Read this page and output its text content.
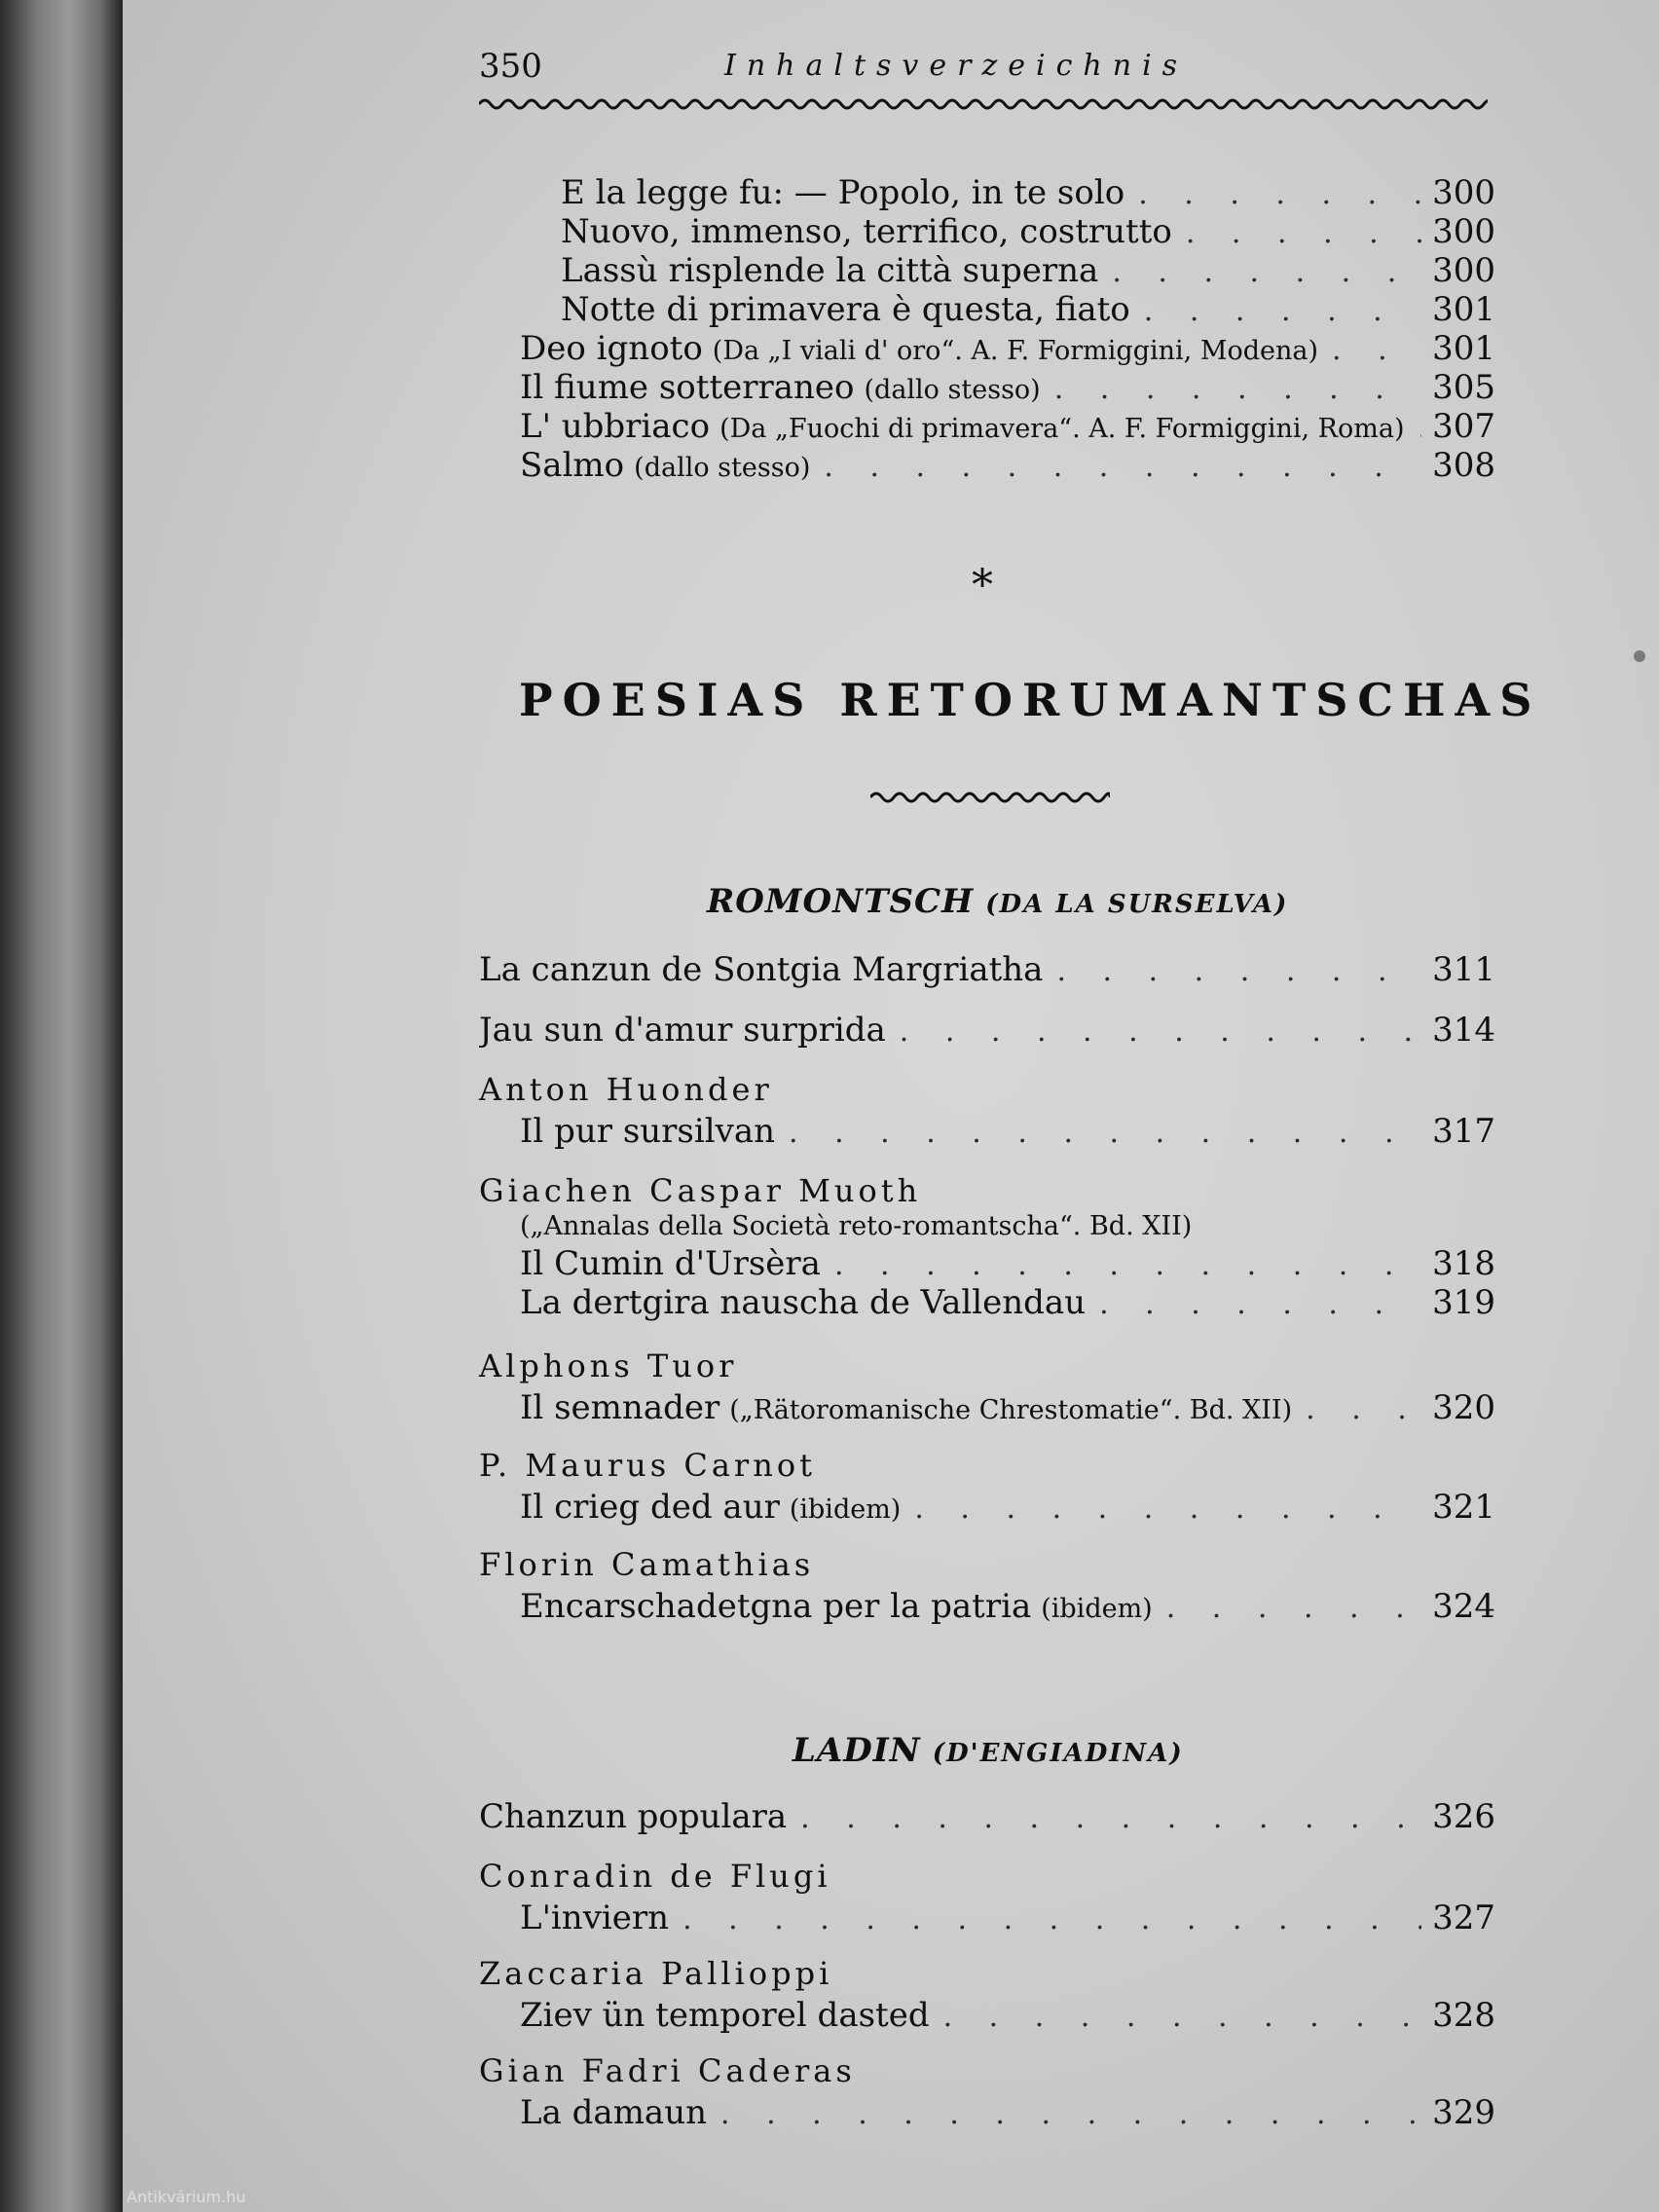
Antikvárium.hu
350	Inhaltsverzeichnis
E la legge fu: — Popolo, in te solo . . .	300
Nuovo, immenso, terrifico, costrutto . . .	300
Lassù risplende la città superna . . .	300
Notte di primavera è questa, fiato . . .	301
Deo ignoto (Da „I viali d' oro“. A. F. Formiggini, Modena) . . .	301
Il fiume sotterraneo (dallo stesso) . . .	305
L' ubbriaco (Da „Fuochi di primavera“. A. F. Formiggini, Roma) . . . 307
Salmo (dallo stesso) . . .	308
*
POESIAS RETORUMANTSCHAS
ROMONTSCH (DA LA SURSELVA)
La canzun de Sontgia Margriatha . . .	311
Jau sun d'amur surprida . . .	314
Anton Huonder
Il pur sursilvan . . .	317
Giachen Caspar Muoth
(„Annalas della Società reto-romantscha“. Bd. XII)
Il Cumin d'Ursèra . . .	318
La dertgira nauscha de Vallendau . . .	319
Alphons Tuor
Il semnader („Rätoromanische Chrestomatie“. Bd. XII) . . .	320
P. Maurus Carnot
Il crieg ded aur (ibidem) . . .	321
Florin Camathias
Encarschadetgna per la patria (ibidem) . . .	324
LADIN (D'ENGIADINA)
Chanzun populara . . .	326
Conradin de Flugi
L'inviern . . .	327
Zaccaria Pallioppi
Ziev ün temporel dasted . . .	328
Gian Fadri Caderas
La damaun . . .	329
